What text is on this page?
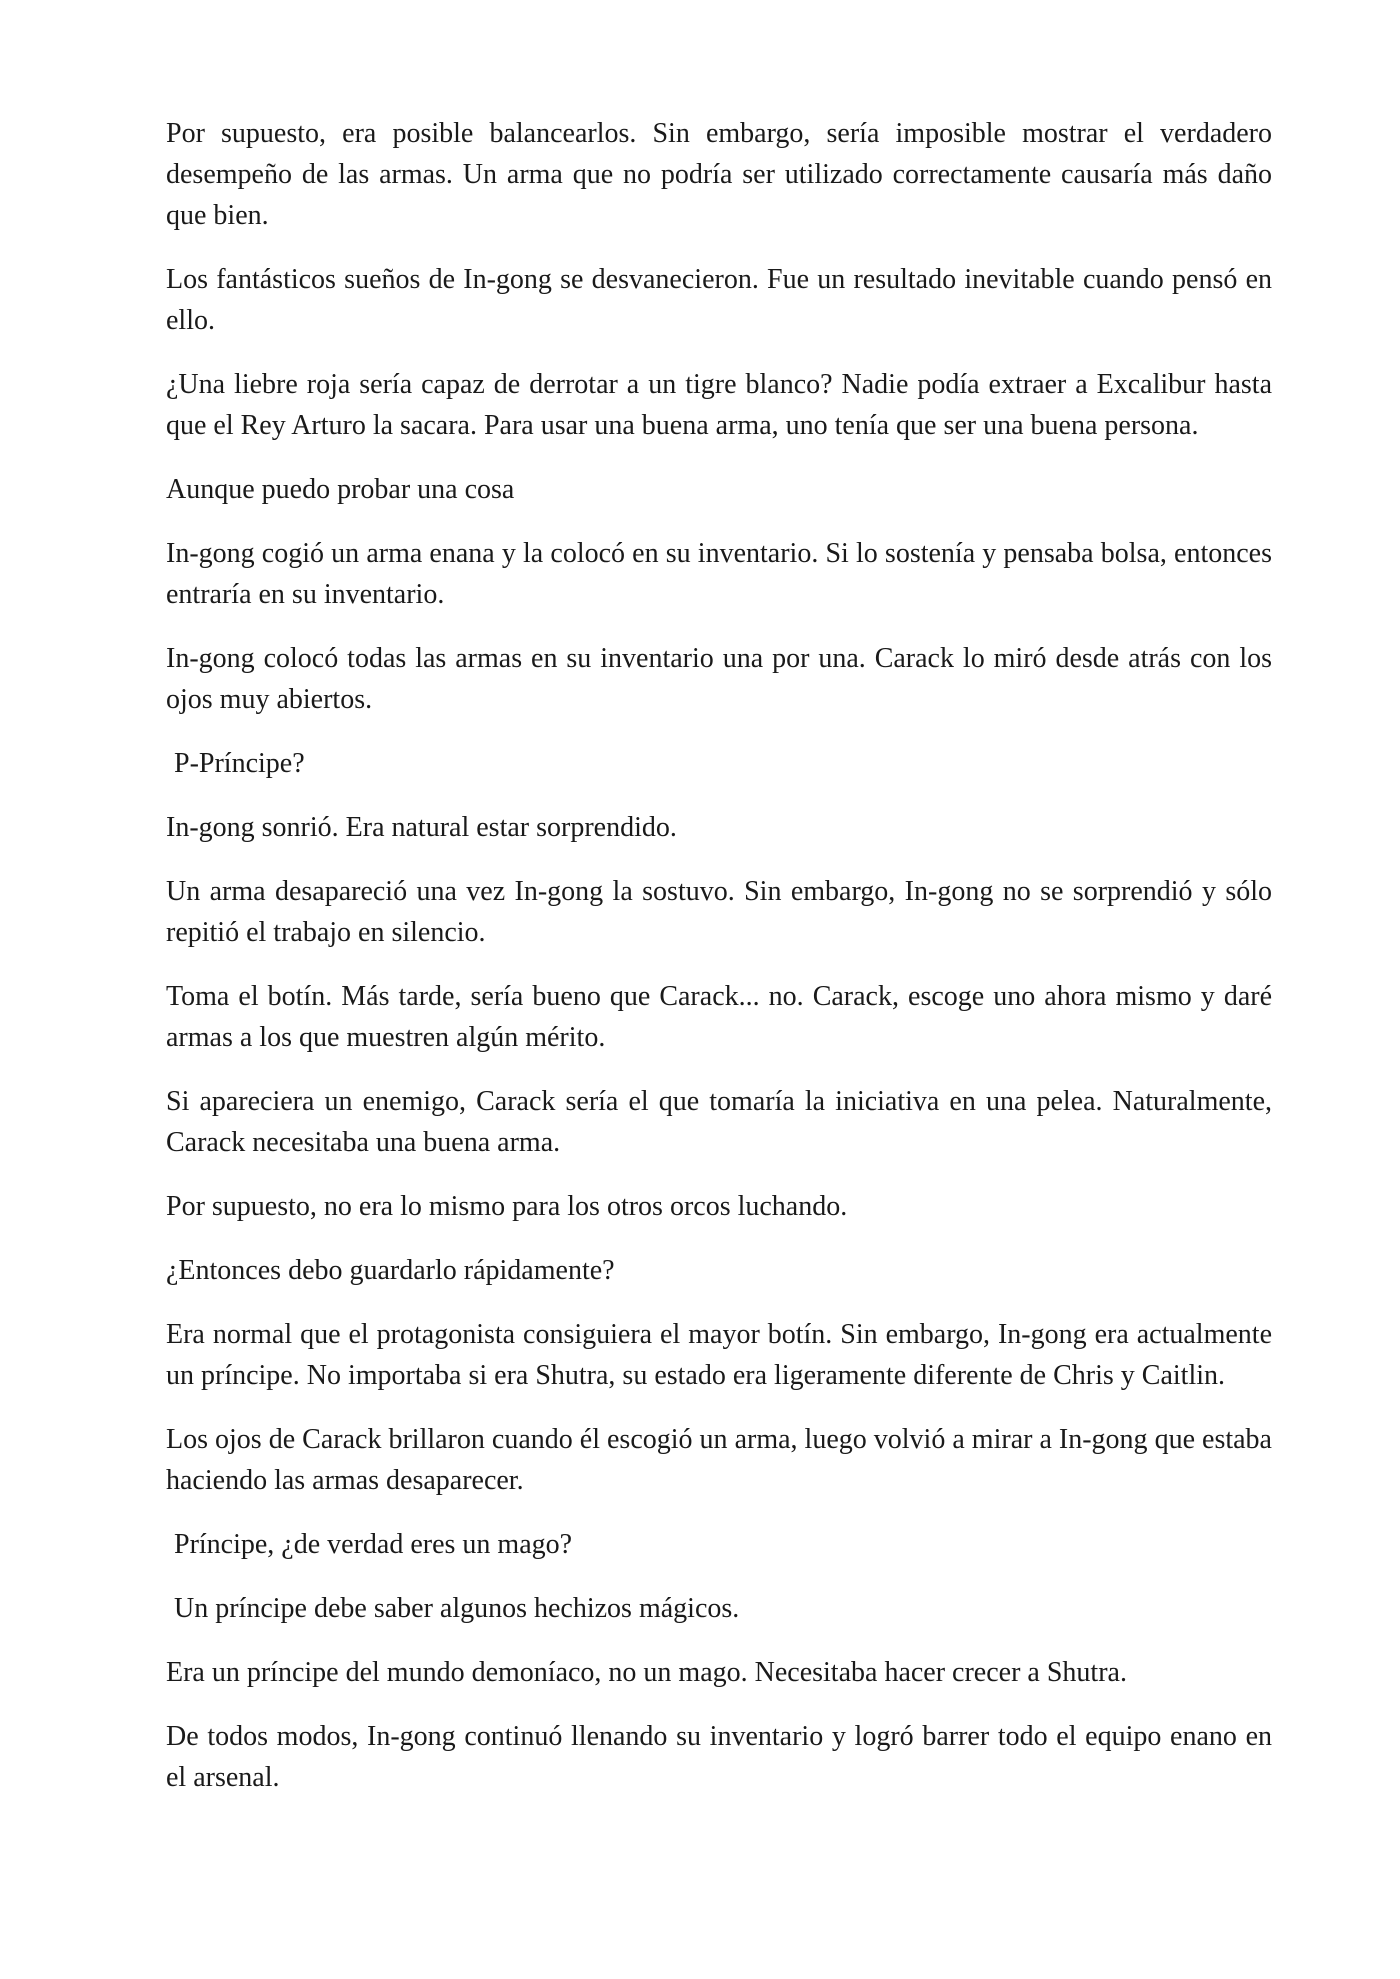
Por supuesto, era posible balancearlos. Sin embargo, sería imposible mostrar el verdadero desempeño de las armas. Un arma que no podría ser utilizado correctamente causaría más daño que bien.

Los fantásticos sueños de In-gong se desvanecieron. Fue un resultado inevitable cuando pensó en ello.

¿Una liebre roja sería capaz de derrotar a un tigre blanco? Nadie podía extraer a Excalibur hasta que el Rey Arturo la sacara. Para usar una buena arma, uno tenía que ser una buena persona.

Aunque puedo probar una cosa

In-gong cogió un arma enana y la colocó en su inventario. Si lo sostenía y pensaba bolsa, entonces entraría en su inventario.

In-gong colocó todas las armas en su inventario una por una. Carack lo miró desde atrás con los ojos muy abiertos.

P-Príncipe?

In-gong sonrió. Era natural estar sorprendido.

Un arma desapareció una vez In-gong la sostuvo. Sin embargo, In-gong no se sorprendió y sólo repitió el trabajo en silencio.

Toma el botín. Más tarde, sería bueno que Carack... no. Carack, escoge uno ahora mismo y daré armas a los que muestren algún mérito.

Si apareciera un enemigo, Carack sería el que tomaría la iniciativa en una pelea. Naturalmente, Carack necesitaba una buena arma.

Por supuesto, no era lo mismo para los otros orcos luchando.

¿Entonces debo guardarlo rápidamente?

Era normal que el protagonista consiguiera el mayor botín. Sin embargo, In-gong era actualmente un príncipe. No importaba si era Shutra, su estado era ligeramente diferente de Chris y Caitlin.

Los ojos de Carack brillaron cuando él escogió un arma, luego volvió a mirar a In-gong que estaba haciendo las armas desaparecer.

Príncipe, ¿de verdad eres un mago?

Un príncipe debe saber algunos hechizos mágicos.

Era un príncipe del mundo demoníaco, no un mago. Necesitaba hacer crecer a Shutra.

De todos modos, In-gong continuó llenando su inventario y logró barrer todo el equipo enano en el arsenal.
